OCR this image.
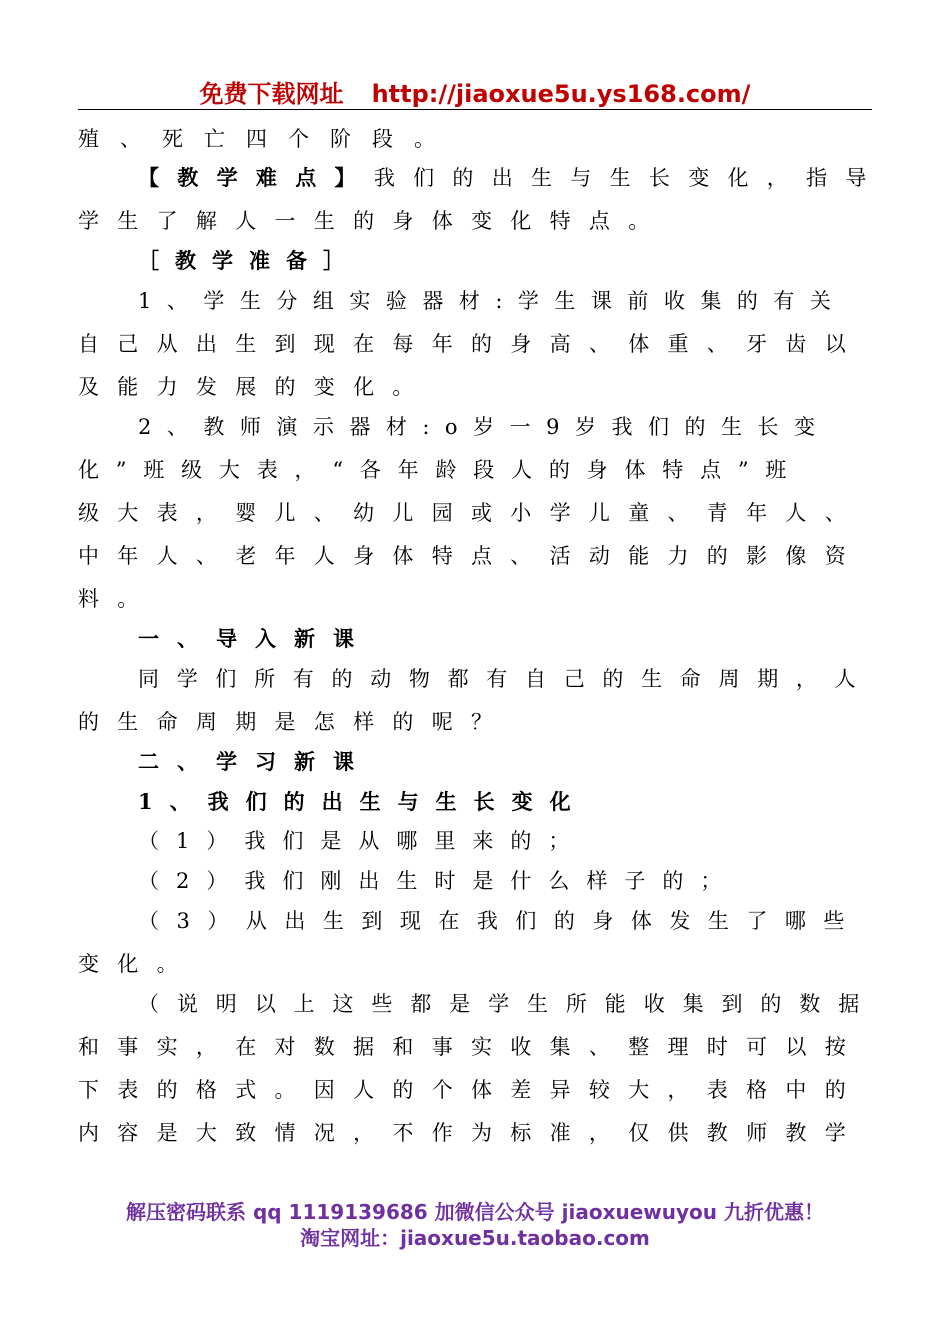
免费下载网址 http://jiaoxue5u.ys168.com/
殖、死亡四个阶段。
【教学难点】 我们的出生与生长变化，指导
学生了解人一生的身体变化特点。
［教学准备］
1、学生分组实验器材:学生课前收集的有关
自己从出生到现在每年的身高、体重、牙齿以
及能力发展的变化。
2、教师演示器材:o岁一9岁我们的生长变
化”班级大表，“各年龄段人的身体特点”班
级大表，婴儿、幼儿园或小学儿童、青年人、
中年人、老年人身体特点、活动能力的影像资
料。
一、导入新课
同学们所有的动物都有自己的生命周期，人
的生命周期是怎样的呢？
二、学习新课
1、我们的出生与生长变化
（1）我们是从哪里来的；
（2）我们刚出生时是什么样子的；
（3）从出生到现在我们的身体发生了哪些
变化。
（说明以上这些都是学生所能收集到的数据
和事实，在对数据和事实收集、整理时可以按
下表的格式。因人的个体差异较大，表格中的
内容是大致情况，不作为标准，仅供教师教学
解压密码联系 qq 1119139686 加微信公众号 jiaoxuewuyou 九折优惠！
淘宝网址：jiaoxue5u.taobao.com
